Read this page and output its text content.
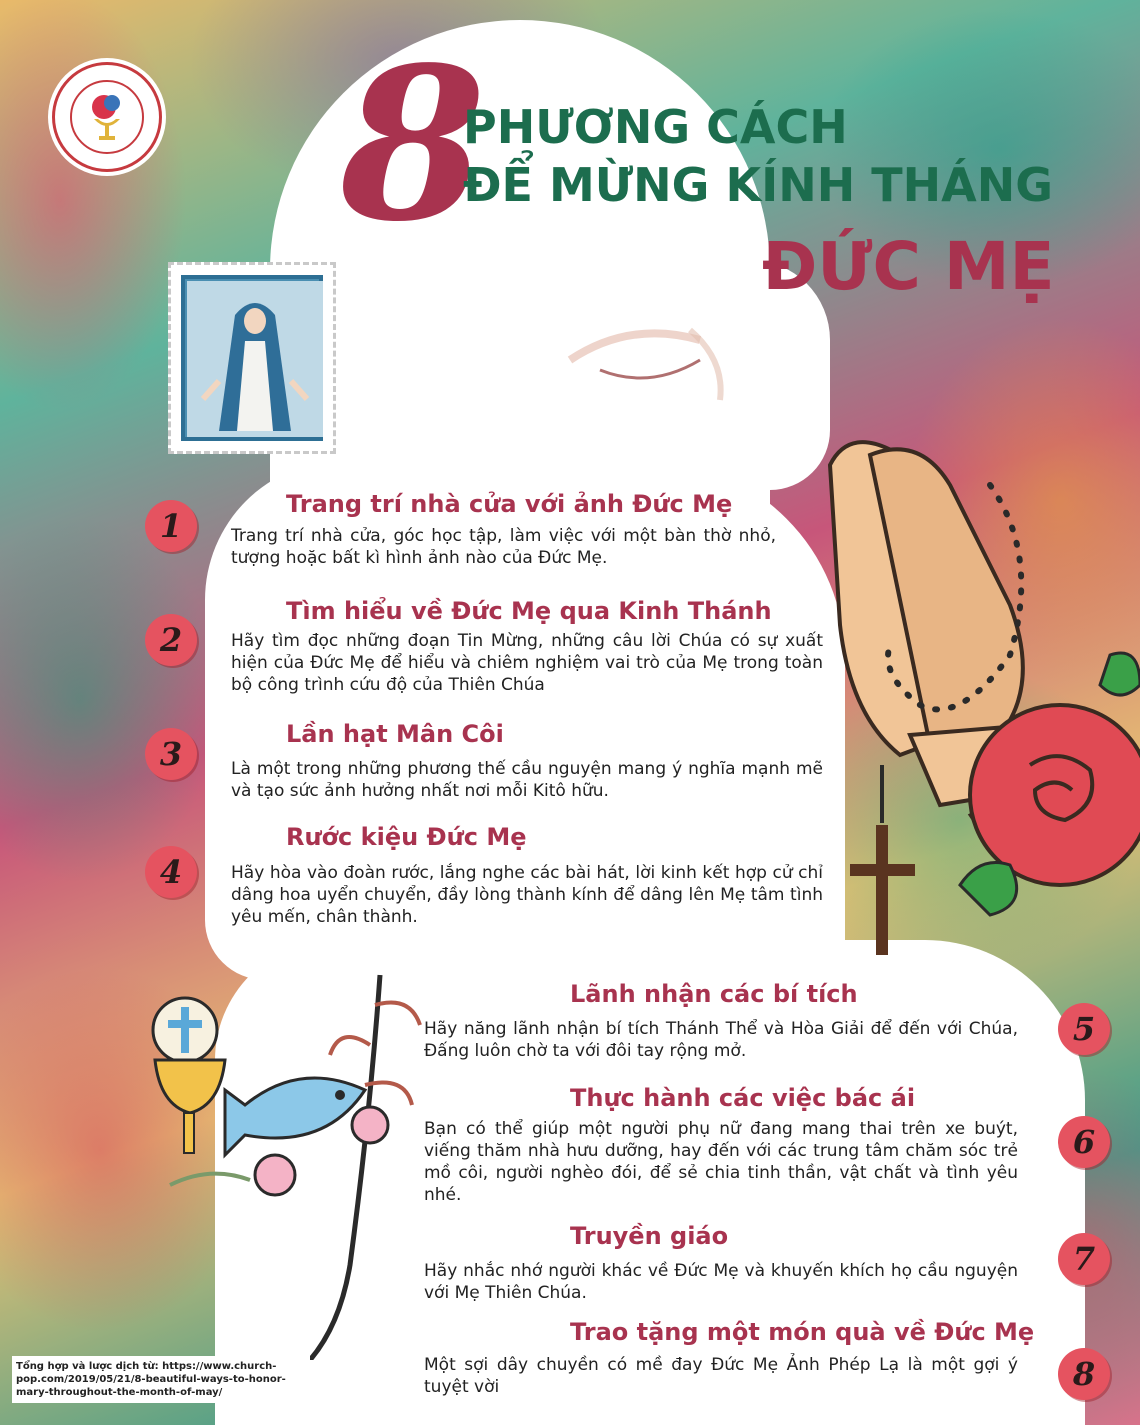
8
PHƯƠNG CÁCH
ĐỂ MỪNG KÍNH THÁNG
ĐỨC MẸ
1
Trang trí nhà cửa với ảnh Đức Mẹ
Trang trí nhà cửa, góc học tập, làm việc với một bàn thờ nhỏ, tượng hoặc bất kì hình ảnh nào của Đức Mẹ.
2
Tìm hiểu về Đức Mẹ qua Kinh Thánh
Hãy tìm đọc những đoạn Tin Mừng, những câu lời Chúa có sự xuất hiện của Đức Mẹ để hiểu và chiêm nghiệm vai trò của Mẹ trong toàn bộ công trình cứu độ của Thiên Chúa
3
Lần hạt Mân Côi
Là một trong những phương thế cầu nguyện mang ý nghĩa mạnh mẽ và tạo sức ảnh hưởng nhất nơi mỗi Kitô hữu.
4
Rước kiệu Đức Mẹ
Hãy hòa vào đoàn rước, lắng nghe các bài hát, lời kinh kết hợp cử chỉ dâng hoa uyển chuyển, đầy lòng thành kính để dâng lên Mẹ tâm tình yêu mến, chân thành.
5
Lãnh nhận các bí tích
Hãy năng lãnh nhận bí tích Thánh Thể và Hòa Giải để đến với Chúa, Đấng luôn chờ ta với đôi tay rộng mở.
6
Thực hành các việc bác ái
Bạn có thể giúp một người phụ nữ đang mang thai trên xe buýt, viếng thăm nhà hưu dưỡng, hay đến với các trung tâm chăm sóc trẻ mồ côi, người nghèo đói, để sẻ chia tinh thần, vật chất và tình yêu nhé.
7
Truyền giáo
Hãy nhắc nhớ người khác về Đức Mẹ và khuyến khích họ cầu nguyện với Mẹ Thiên Chúa.
8
Trao tặng một món quà về Đức Mẹ
Một sợi dây chuyền có mề đay Đức Mẹ Ảnh Phép Lạ là một gợi ý tuyệt vời
Tổng hợp và lược dịch từ: https://www.church-pop.com/2019/05/21/8-beautiful-ways-to-honor-mary-throughout-the-month-of-may/
